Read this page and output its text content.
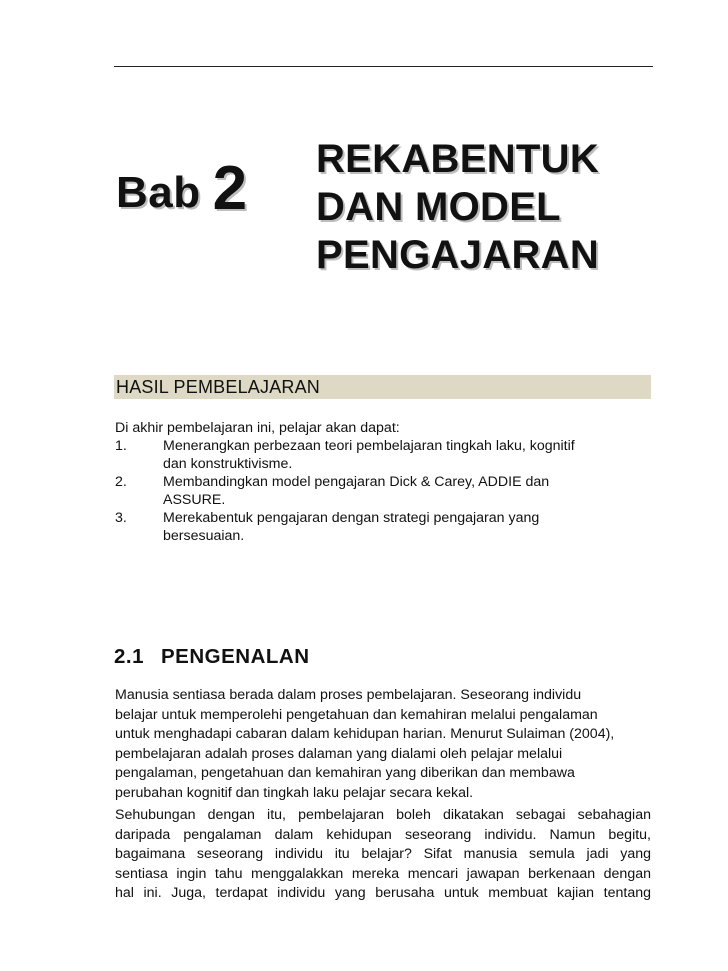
Bab 2 REKABENTUK
DAN MODEL
PENGAJARAN
HASIL PEMBELAJARAN
Di akhir pembelajaran ini, pelajar akan dapat:
1.	Menerangkan perbezaan teori pembelajaran tingkah laku, kognitif
dan konstruktivisme.
2.	Membandingkan model pengajaran Dick & Carey, ADDIE dan
ASSURE.
3.	Merekabentuk pengajaran dengan strategi pengajaran yang
bersesuaian.
2.1 PENGENALAN
Manusia sentiasa berada dalam proses pembelajaran. Seseorang individu
belajar untuk memperolehi pengetahuan dan kemahiran melalui pengalaman
untuk menghadapi cabaran dalam kehidupan harian. Menurut Sulaiman (2004),
pembelajaran adalah proses dalaman yang dialami oleh pelajar melalui
pengalaman, pengetahuan dan kemahiran yang diberikan dan membawa
perubahan kognitif dan tingkah laku pelajar secara kekal.
Sehubungan dengan itu, pembelajaran boleh dikatakan sebagai sebahagian
daripada pengalaman dalam kehidupan seseorang individu. Namun begitu,
bagaimana seseorang individu itu belajar? Sifat manusia semula jadi yang
sentiasa ingin tahu menggalakkan mereka mencari jawapan berkenaan dengan
hal ini. Juga, terdapat individu yang berusaha untuk membuat kajian tentang
